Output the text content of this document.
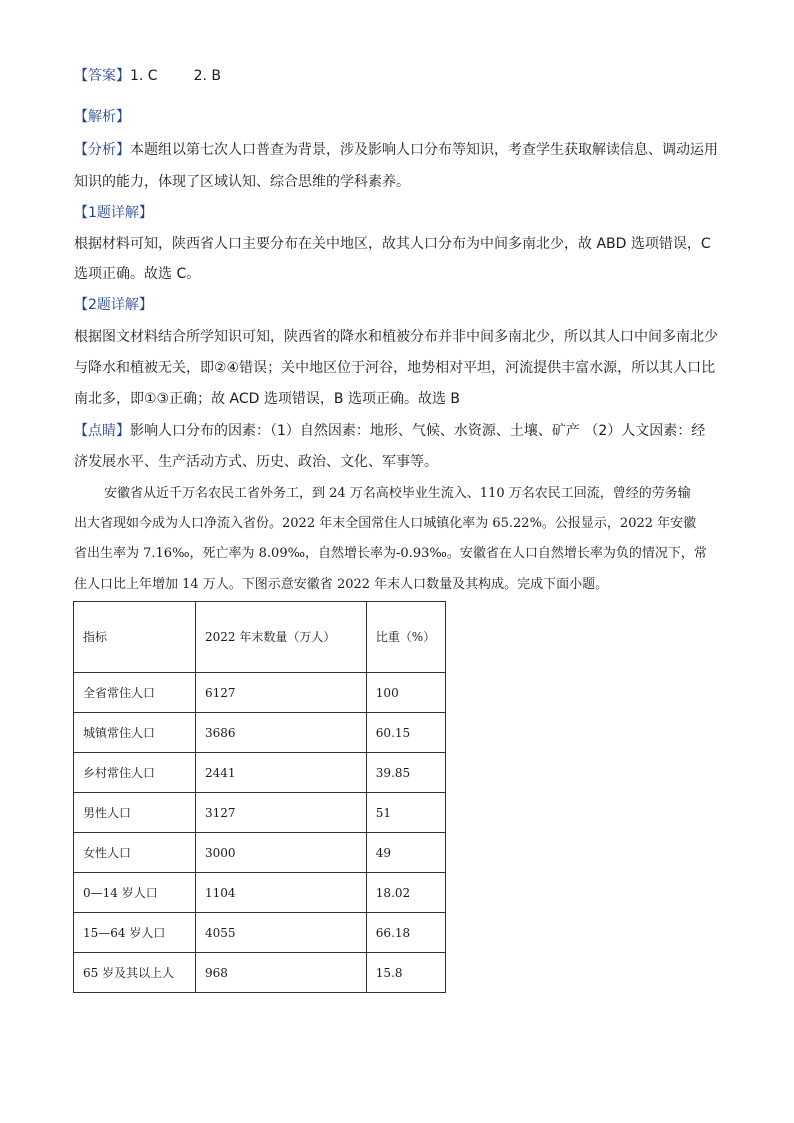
【答案】1. C	2. B
【解析】
【分析】本题组以第七次人口普查为背景，涉及影响人口分布等知识，考查学生获取解读信息、调动运用
知识的能力，体现了区域认知、综合思维的学科素养。
【1题详解】
根据材料可知，陕西省人口主要分布在关中地区，故其人口分布为中间多南北少，故 ABD 选项错误，C
选项正确。故选 C。
【2题详解】
根据图文材料结合所学知识可知，陕西省的降水和植被分布并非中间多南北少，所以其人口中间多南北少
与降水和植被无关，即②④错误；关中地区位于河谷，地势相对平坦，河流提供丰富水源，所以其人口比
南北多，即①③正确；故 ACD 选项错误，B 选项正确。故选 B
【点睛】影响人口分布的因素：（1）自然因素：地形、气候、水资源、土壤、矿产 （2）人文因素：经
济发展水平、生产活动方式、历史、政治、文化、军事等。
安徽省从近千万名农民工省外务工，到 24 万名高校毕业生流入、110 万名农民工回流，曾经的劳务输
出大省现如今成为人口净流入省份。2022 年末全国常住人口城镇化率为 65.22%。公报显示，2022 年安徽
省出生率为 7.16‰，死亡率为 8.09‰，自然增长率为-0.93‰。安徽省在人口自然增长率为负的情况下，常
住人口比上年增加 14 万人。下图示意安徽省 2022 年末人口数量及其构成。完成下面小题。
指标	2022 年末数量（万人）	比重（%）
全省常住人口	6127	100
城镇常住人口	3686	60.15
乡村常住人口	2441	39.85
男性人口	3127	51
女性人口	3000	49
0—14 岁人口	1104	18.02
15—64 岁人口	4055	66.18
65 岁及其以上人	968	15.8
